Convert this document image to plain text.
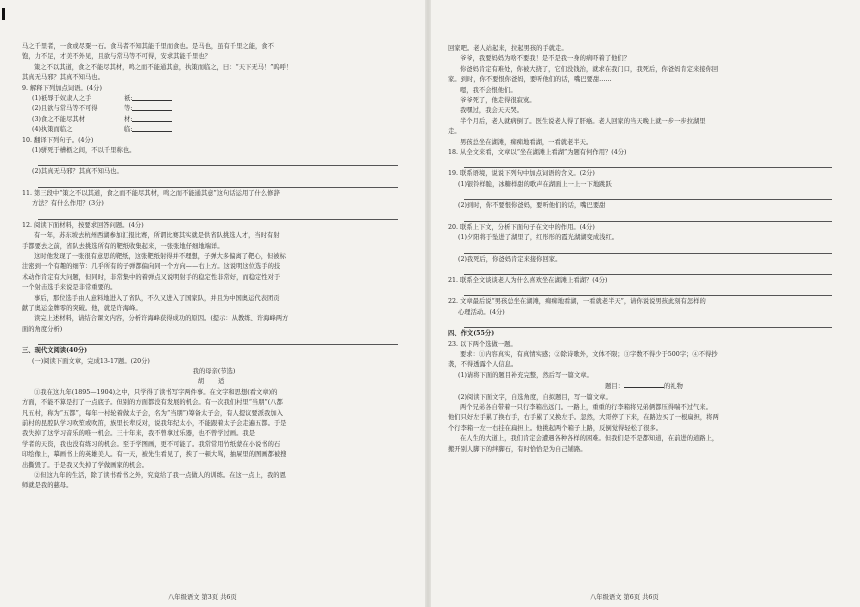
马之千里者，一食或尽粟一石。食马者不知其能千里而食也。是马也，虽有千里之能，食不

饱，力不足，才美不外见，且欲与常马等不可得，安求其能千里也？

策之不以其道，食之不能尽其材，鸣之而不能通其意，执策而临之，曰：“天下无马！”呜呼！

其真无马邪？其真不知马也。

9. 解释下列加点词语。(4分)

(1)祇辱于奴隶人之手	祇:
(2)且欲与常马等不可得	等:
(3)食之不能尽其材	材:
(4)执策而临之	临:

10. 翻译下列句子。(4分)

(1)骈死于槽枥之间，不以千里称也。

(2)其真无马邪？其真不知马也。

11. 第三段中“策之不以其道，食之而不能尽其材，鸣之而不能通其意”这句话运用了什么修辞

方法？有什么作用？(3分)

12. 阅读下面材料，按要求回答问题。(4分)

有一年，苏东坡去杭州西湖参加汇报比赛，所谓比赛其实就是供省队挑选人才，当时有射

手都要去之前，省队去挑选所有的靶纸收集起来，一张张地仔细地端详。

这时他发现了一张很有意思的靶纸，这张靶纸射得并不理想，子弹大多偏离了靶心，但被标

注密到一个有趣的细节：几乎所有的子弹都偏向同一个方向——右上方。这说明这位选手的技

术动作肯定有大问题，但同时，非常集中的着弹点又说明射手的稳定性非常好，而稳定性对于

一个射击选手来说是非常重要的。

事后，那位选手由人意料地进入了省队，不久又进入了国家队，并且为中国奥运代表团贡

献了奥运金牌零的突破。他，就是许海峰。

读完上述材料，请结合课文内容，分析许海峰获得成功的原因。(提示：从教练、许海峰两方

面的角度分析)

三、现代文阅读(40分)

(一)阅读下面文章，完成13-17题。(20分)

我的母亲(节选)

胡 适

①我在这九年(1895—1904)之中，只学得了读书写字两件事。在文字和思想(看文章)的

方面，不能不算是打了一点底子。但别的方面都没有发展的机会。有一次我们村里“当朋”(八都

凡五村，称为“五都”，每年一村轮着做太子会，名为“当朋”)筹备太子会，有人提议要派我加入

前村的昆腔队学习吹笙或吹笛，族里长辈反对，说我年纪太小，不能跟着太子会走遍五都。于是

我失掉了这学习音乐的唯一机会。三十年来，我不曾拿过乐器，也不曾学过画。我是

学者的天资，我也没有练习的机会。至于学图画，更不可能了。我常常用竹纸蒙在小说书的石

印绘像上，摹画书上的英雄美人。有一天，被先生看见了，挨了一顿大骂，抽屉里的图画都被搜

出撕毁了。于是我又失掉了学做画家的机会。

②但这九年的生活，除了读书看书之外，究竟给了我一点做人的训练。在这一点上，我的恩

师就是我的慈母。

八年级语文 第3页 共6页

回家吧。老人站起来，拉起男孩的手就走。

爷爷，我要妈妈为啥不要我！是不是我一身的病吓着了他们？

你爸妈肯定有难处，你被大挠了，它们没钱治，就求在我门口，我死后，你爸妈肯定来接你回

家。到时，你不要恨你爸妈，要听他们的话，嘴巴要甜……

嗯，我不会恨他们。

爷爷死了，他走得很寂寞。

我嘿过，我会天天哭。

半个月后，老人就病倒了。医生说老人得了肝癌。老人回家的当天晚上就一步一步拉湖里

走。

男孩总坐在湖滩，痴痴地看湖，一看就老半天。

18. 从全文来看，文章以“坐在湖滩上看湖”为题有何作用？(4分)

19. 联系语境，说说下列句中加点词语的含义。(2分)

(1)银铃样脆，冰糖样甜的歌声在湖面上一上一下地跳跃

(2)到时，你不要恨你爸妈，要听他们的话，嘴巴要甜

20. 联系上下文，分析下面句子在文中的作用。(4分)

(1)夕阳将于坠进了湖里了，红彤彤的霞光湖湖变成浅红。

(2)我死后，你爸妈肯定来接你回家。

21. 联系全文谈谈老人为什么喜欢坐在湖滩上看湖？(4分)

22. 文章最后说“男孩总坐在湖滩，痴痴地看湖，一看就老半天”，请你说说男孩此刻有怎样的

心理活动。(4分)

四、作文(55分)

23. 以下两个选做一题。

要求：①内容真实，有真情实感；②除诗歌外，文体不限；③字数不得少于500字；④不得抄

袭，不得透露个人信息。

(1)请将下面的题目补充完整，然后写一篇文章。

题目：	的礼物

(2)阅读下面文字，自选角度，自拟题目，写一篇文章。

两个兄弟各自带着一只行李箱出远门。一路上，重重的行李箱将兄弟俩都压得喘不过气来。

他们只好左手累了换右手，右手累了又换左手。忽然，大哥停了下来，在路边买了一根扁担，将两

个行李箱一左一右挂在扁担上。他挑起两个箱子上路，反倒觉得轻松了很多。

在人生的大道上，我们肯定会遭遇各种各样的困难。但我们是不是都知道，在前进的道路上，

搬开别人脚下的绊脚石，有时恰恰是为自己铺路。

八年级语文 第6页 共6页
